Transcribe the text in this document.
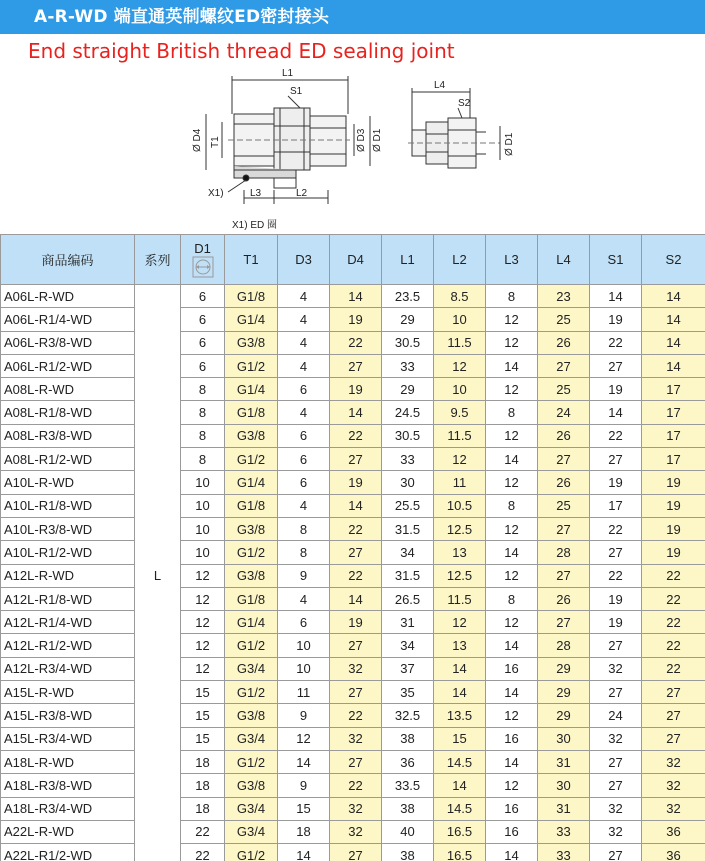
A-R-WD 端直通英制螺纹ED密封接头
End straight British thread ED sealing joint
L1
S1
Ø D4 T1	Ø D3 Ø D1
X1)	L3	L2
L4
S2
Ø D1
X1) ED 圈
商品编码	系列	D1	T1	D3	D4	L1	L2	L3	L4	S1	S2
A06L-R-WD	L	6	G1/8	4	14	23.5	8.5	8	23	14	14
A06L-R1/4-WD		6	G1/4	4	19	29	10	12	25	19	14
A06L-R3/8-WD		6	G3/8	4	22	30.5	11.5	12	26	22	14
A06L-R1/2-WD		6	G1/2	4	27	33	12	14	27	27	14
A08L-R-WD		8	G1/4	6	19	29	10	12	25	19	17
A08L-R1/8-WD		8	G1/8	4	14	24.5	9.5	8	24	14	17
A08L-R3/8-WD		8	G3/8	6	22	30.5	11.5	12	26	22	17
A08L-R1/2-WD		8	G1/2	6	27	33	12	14	27	27	17
A10L-R-WD		10	G1/4	6	19	30	11	12	26	19	19
A10L-R1/8-WD		10	G1/8	4	14	25.5	10.5	8	25	17	19
A10L-R3/8-WD		10	G3/8	8	22	31.5	12.5	12	27	22	19
A10L-R1/2-WD		10	G1/2	8	27	34	13	14	28	27	19
A12L-R-WD		12	G3/8	9	22	31.5	12.5	12	27	22	22
A12L-R1/8-WD		12	G1/8	4	14	26.5	11.5	8	26	19	22
A12L-R1/4-WD		12	G1/4	6	19	31	12	12	27	19	22
A12L-R1/2-WD		12	G1/2	10	27	34	13	14	28	27	22
A12L-R3/4-WD		12	G3/4	10	32	37	14	16	29	32	22
A15L-R-WD		15	G1/2	11	27	35	14	14	29	27	27
A15L-R3/8-WD		15	G3/8	9	22	32.5	13.5	12	29	24	27
A15L-R3/4-WD		15	G3/4	12	32	38	15	16	30	32	27
A18L-R-WD		18	G1/2	14	27	36	14.5	14	31	27	32
A18L-R3/8-WD		18	G3/8	9	22	33.5	14	12	30	27	32
A18L-R3/4-WD		18	G3/4	15	32	38	14.5	16	31	32	32
A22L-R-WD		22	G3/4	18	32	40	16.5	16	33	32	36
A22L-R1/2-WD		22	G1/2	14	27	38	16.5	14	33	27	36
